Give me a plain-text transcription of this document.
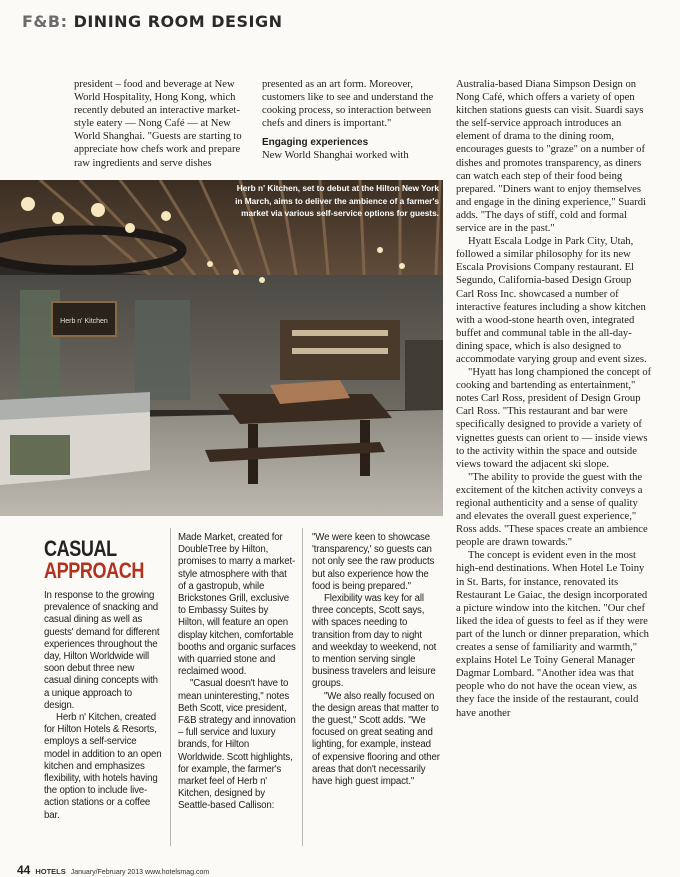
F&B: DINING ROOM DESIGN

president – food and beverage at New World Hospitality, Hong Kong, which recently debuted an interactive market-style eatery — Nong Café — at New World Shanghai. "Guests are starting to appreciate how chefs work and prepare raw ingredients and serve dishes

presented as an art form. Moreover, customers like to see and understand the cooking process, so interaction between chefs and diners is important."

Engaging experiences

New World Shanghai worked with

Australia-based Diana Simpson Design on Nong Café, which offers a variety of open kitchen stations guests can visit. Suardi says the self-service approach introduces an element of drama to the dining room, encourages guests to "graze" on a number of dishes and promotes transparency, as diners can watch each step of their food being prepared. "Diners want to enjoy themselves and engage in the dining experience," Suardi adds. "The days of stiff, cold and formal service are in the past."

Hyatt Escala Lodge in Park City, Utah, followed a similar philosophy for its new Escala Provisions Company restaurant. El Segundo, California-based Design Group Carl Ross Inc. showcased a number of interactive features including a show kitchen with a wood-stone hearth oven, integrated buffet and communal table in the all-day-dining space, which is also designed to accommodate varying group and event sizes.

"Hyatt has long championed the concept of cooking and bartending as entertainment," notes Carl Ross, president of Design Group Carl Ross. "This restaurant and bar were specifically designed to provide a variety of vignettes guests can orient to — inside views to the activity within the space and outside views toward the adjacent ski slope.

"The ability to provide the guest with the excitement of the kitchen activity conveys a regional authenticity and a sense of quality and elevates the overall guest experience," Ross adds. "These spaces create an ambience people are drawn towards."

The concept is evident even in the most high-end destinations. When Hotel Le Toiny in St. Barts, for instance, renovated its Restaurant Le Gaiac, the design incorporated a picture window into the kitchen. "Our chef liked the idea of guests to feel as if they were part of the lunch or dinner preparation, which creates a sense of familiarity and warmth," explains Hotel Le Toiny General Manager Dagmar Lombard. "Another idea was that people who do not have the ocean view, as they face the inside of the restaurant, could have another

Herb n' Kitchen
Herb n' Kitchen, set to debut at the Hilton New York in March, aims to deliver the ambience of a farmer's market via various self-service options for guests.
CASUAL
APPROACH

In response to the growing prevalence of snacking and casual dining as well as guests' demand for different experiences throughout the day, Hilton Worldwide will soon debut three new casual dining concepts with a unique approach to design.

Herb n' Kitchen, created for Hilton Hotels & Resorts, employs a self-service model in addition to an open kitchen and emphasizes flexibility, with hotels having the option to include live-action stations or a coffee bar.

Made Market, created for DoubleTree by Hilton, promises to marry a market-style atmosphere with that of a gastropub, while Brickstones Grill, exclusive to Embassy Suites by Hilton, will feature an open display kitchen, comfortable booths and organic surfaces with quarried stone and reclaimed wood.

"Casual doesn't have to mean uninteresting," notes Beth Scott, vice president, F&B strategy and innovation – full service and luxury brands, for Hilton Worldwide. Scott highlights, for example, the farmer's market feel of Herb n' Kitchen, designed by Seattle-based Callison:

"We were keen to showcase 'transparency,' so guests can not only see the raw products but also experience how the food is being prepared."

Flexibility was key for all three concepts, Scott says, with spaces needing to transition from day to night and weekday to weekend, not to mention serving single business travelers and leisure groups.

"We also really focused on the design areas that matter to the guest," Scott adds. "We focused on great seating and lighting, for example, instead of expensive flooring and other areas that don't necessarily have high guest impact."

44 HOTELS January/February 2013 www.hotelsmag.com
